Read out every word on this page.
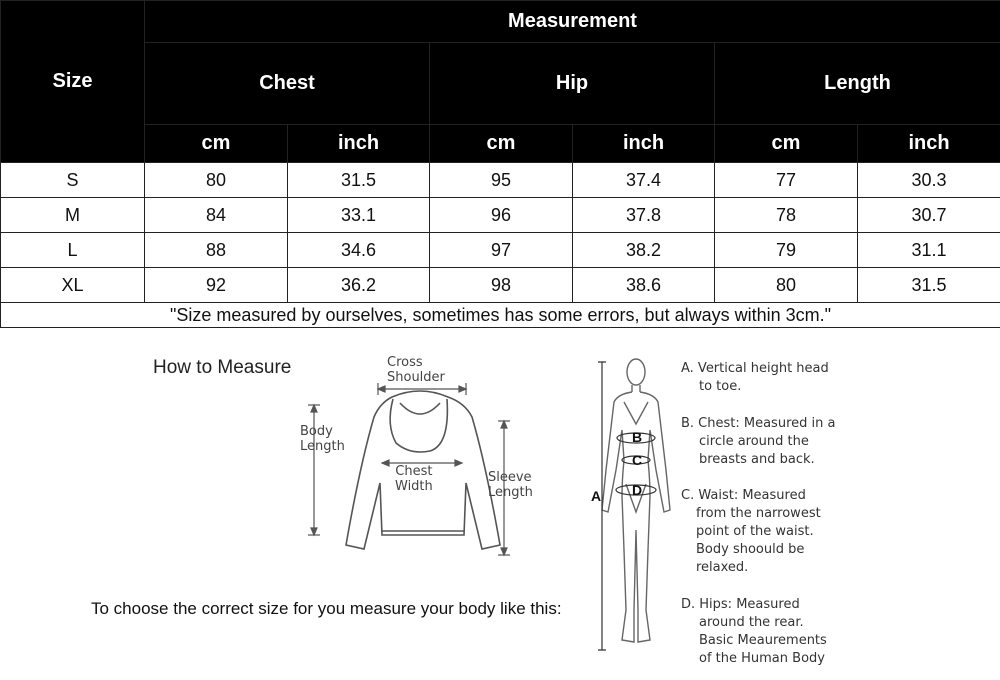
Size	Measurement					
	Chest		Hip		Length	
	cm	inch	cm	inch	cm	inch
S	80	31.5	95	37.4	77	30.3
M	84	33.1	96	37.8	78	30.7
L	88	34.6	97	38.2	79	31.1
XL	92	36.2	98	38.6	80	31.5
"Size measured by ourselves, sometimes has some errors, but always within 3cm."						
How to Measure
To choose the correct size for you measure your body like this:
Cross
Shoulder
Body
Length
Chest
Width
Sleeve
Length	A
B
C
D
A. Vertical height head
to toe.
B. Chest: Measured in a
circle around the
breasts and back.
C. Waist: Measured
from the narrowest
point of the waist.
Body shoould be
relaxed.
D. Hips: Measured
around the rear.
Basic Meaurements
of the Human Body
